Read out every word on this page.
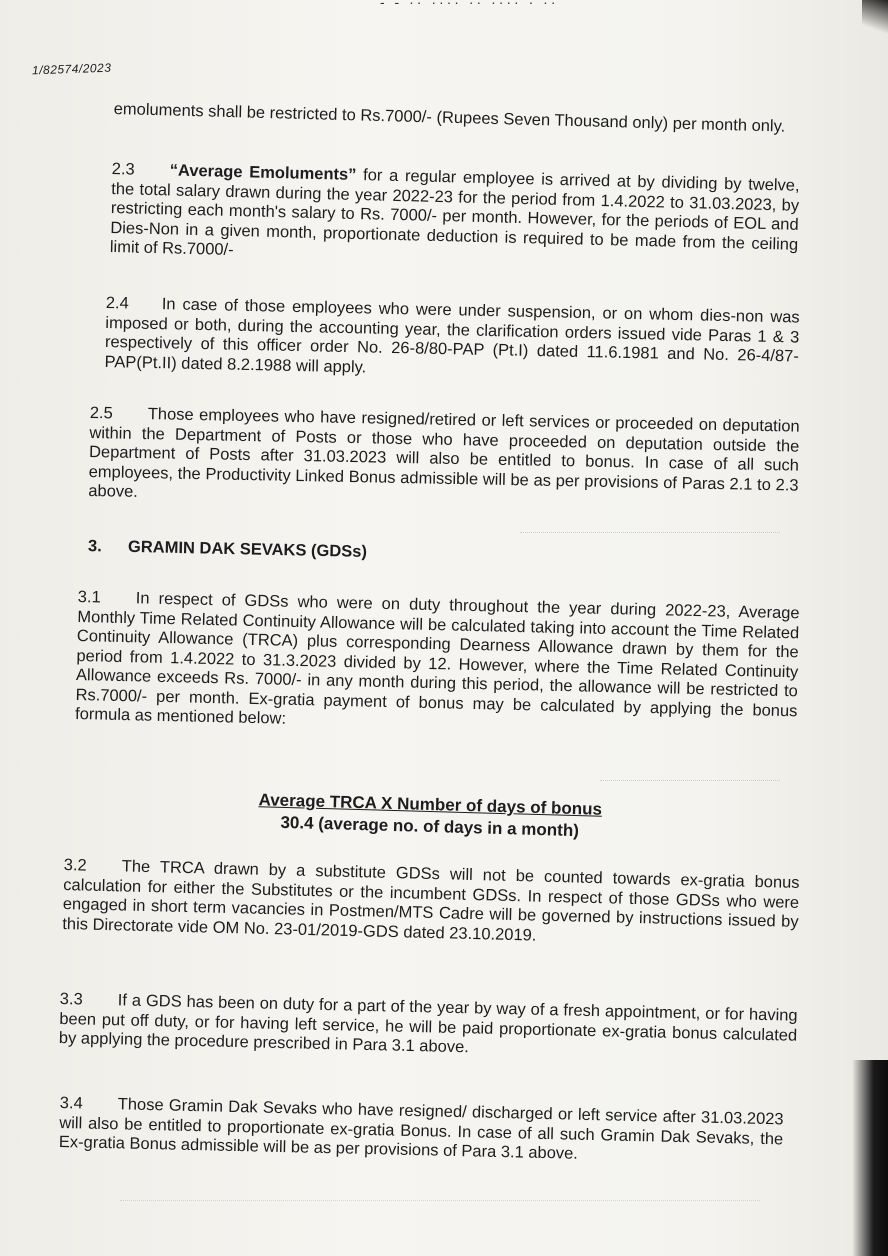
- - ·· ···· ·· ···· · ··
1/82574/2023

emoluments shall be restricted to Rs.7000/- (Rupees Seven Thousand only) per month only.

2.3 “Average Emoluments” for a regular employee is arrived at by dividing by twelve, the total salary drawn during the year 2022-23 for the period from 1.4.2022 to 31.03.2023, by restricting each month's salary to Rs. 7000/- per month. However, for the periods of EOL and Dies-Non in a given month, proportionate deduction is required to be made from the ceiling limit of Rs.7000/-

2.4 In case of those employees who were under suspension, or on whom dies-non was imposed or both, during the accounting year, the clarification orders issued vide Paras 1 & 3 respectively of this officer order No. 26-8/80-PAP (Pt.I) dated 11.6.1981 and No. 26-4/87-PAP(Pt.II) dated 8.2.1988 will apply.

2.5 Those employees who have resigned/retired or left services or proceeded on deputation within the Department of Posts or those who have proceeded on deputation outside the Department of Posts after 31.03.2023 will also be entitled to bonus. In case of all such employees, the Productivity Linked Bonus admissible will be as per provisions of Paras 2.1 to 2.3 above.

3. GRAMIN DAK SEVAKS (GDSs)

3.1 In respect of GDSs who were on duty throughout the year during 2022-23, Average Monthly Time Related Continuity Allowance will be calculated taking into account the Time Related Continuity Allowance (TRCA) plus corresponding Dearness Allowance drawn by them for the period from 1.4.2022 to 31.3.2023 divided by 12. However, where the Time Related Continuity Allowance exceeds Rs. 7000/- in any month during this period, the allowance will be restricted to Rs.7000/- per month. Ex-gratia payment of bonus may be calculated by applying the bonus formula as mentioned below:

Average TRCA X Number of days of bonus
30.4 (average no. of days in a month)

3.2 The TRCA drawn by a substitute GDSs will not be counted towards ex-gratia bonus calculation for either the Substitutes or the incumbent GDSs. In respect of those GDSs who were engaged in short term vacancies in Postmen/MTS Cadre will be governed by instructions issued by this Directorate vide OM No. 23-01/2019-GDS dated 23.10.2019.

3.3 If a GDS has been on duty for a part of the year by way of a fresh appointment, or for having been put off duty, or for having left service, he will be paid proportionate ex-gratia bonus calculated by applying the procedure prescribed in Para 3.1 above.

3.4 Those Gramin Dak Sevaks who have resigned/ discharged or left service after 31.03.2023 will also be entitled to proportionate ex-gratia Bonus. In case of all such Gramin Dak Sevaks, the Ex-gratia Bonus admissible will be as per provisions of Para 3.1 above.
